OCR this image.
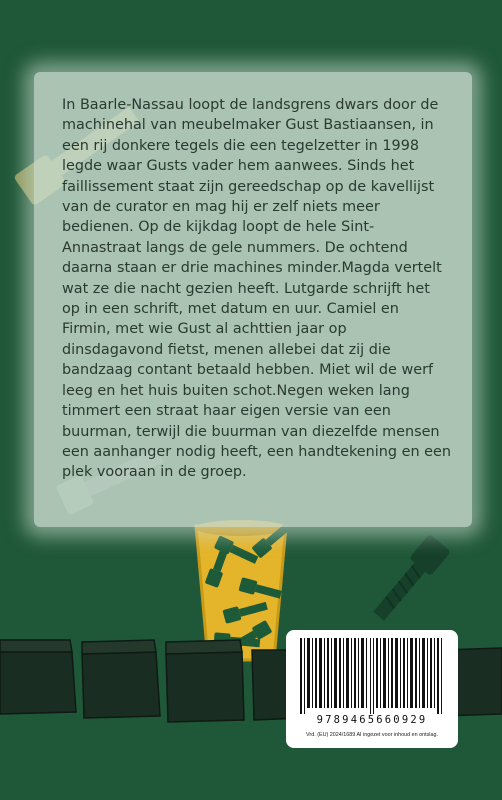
In Baarle-Nassau loopt de landsgrens dwars door de machinehal van meubelmaker Gust Bastiaansen, in een rij donkere tegels die een tegelzetter in 1998 legde waar Gusts vader hem aanwees. Sinds het faillissement staat zijn gereedschap op de kavellijst van de curator en mag hij er zelf niets meer bedienen. Op de kijkdag loopt de hele Sint-Annastraat langs de gele nummers. De ochtend daarna staan er drie machines minder.Magda vertelt wat ze die nacht gezien heeft. Lutgarde schrijft het op in een schrift, met datum en uur. Camiel en Firmin, met wie Gust al achttien jaar op dinsdagavond fietst, menen allebei dat zij die bandzaag contant betaald hebben. Miet wil de werf leeg en het huis buiten schot.Negen weken lang timmert een straat haar eigen versie van een buurman, terwijl die buurman van diezelfde mensen een aanhanger nodig heeft, een handtekening en een plek vooraan in de groep.

9789465660929
Vrd. (EU) 2024/1689 AI ingezet voor inhoud en ontslag.
